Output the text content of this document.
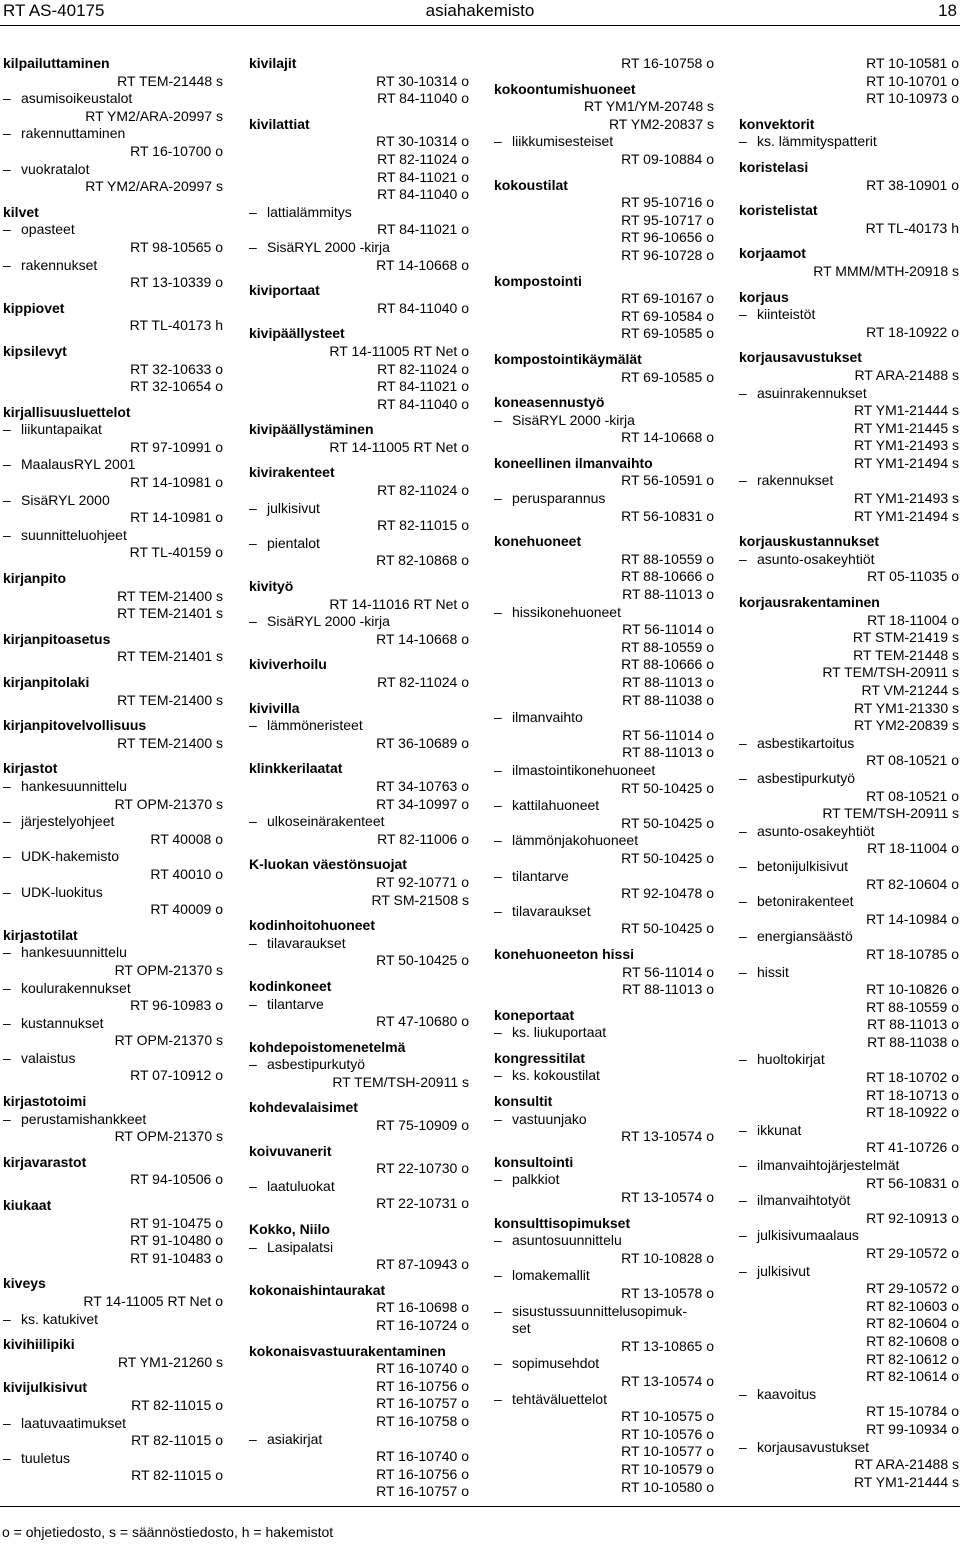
RT AS-40175	asiahakemisto	18
kilpailuttaminen
RT TEM-21448 s
– asumisoikeustalot
RT YM2/ARA-20997 s
– rakennuttaminen
RT 16-10700 o
– vuokratalot
RT YM2/ARA-20997 s
kilvet
– opasteet
RT 98-10565 o
– rakennukset
RT 13-10339 o
kippiovet
RT TL-40173 h
kipsilevyt
RT 32-10633 o
RT 32-10654 o
kirjallisuusluettelot
– liikuntapaikat
RT 97-10991 o
– MaalausRYL 2001
RT 14-10981 o
– SisäRYL 2000
RT 14-10981 o
– suunnitteluohjeet
RT TL-40159 o
kirjanpito
RT TEM-21400 s
RT TEM-21401 s
kirjanpitoasetus
RT TEM-21401 s
kirjanpitolaki
RT TEM-21400 s
kirjanpitovelvollisuus
RT TEM-21400 s
kirjastot
– hankesuunnittelu
RT OPM-21370 s
– järjestelyohjeet
RT 40008 o
– UDK-hakemisto
RT 40010 o
– UDK-luokitus
RT 40009 o
kirjastotilat
– hankesuunnittelu
RT OPM-21370 s
– koulurakennukset
RT 96-10983 o
– kustannukset
RT OPM-21370 s
– valaistus
RT 07-10912 o
kirjastotoimi
– perustamishankkeet
RT OPM-21370 s
kirjavarastot
RT 94-10506 o
kiukaat
RT 91-10475 o
RT 91-10480 o
RT 91-10483 o
kiveys
RT 14-11005 RT Net o
– ks. katukivet
kivihiilipiki
RT YM1-21260 s
kivijulkisivut
RT 82-11015 o
– laatuvaatimukset
RT 82-11015 o
– tuuletus
RT 82-11015 o
kivilajit
RT 30-10314 o
RT 84-11040 o
kivilattiat
RT 30-10314 o
RT 82-11024 o
RT 84-11021 o
RT 84-11040 o
– lattialämmitys
RT 84-11021 o
– SisäRYL 2000 -kirja
RT 14-10668 o
kiviportaat
RT 84-11040 o
kivipäällysteet
RT 14-11005 RT Net o
RT 82-11024 o
RT 84-11021 o
RT 84-11040 o
kivipäällystäminen
RT 14-11005 RT Net o
kivirakenteet
RT 82-11024 o
– julkisivut
RT 82-11015 o
– pientalot
RT 82-10868 o
kivityö
RT 14-11016 RT Net o
– SisäRYL 2000 -kirja
RT 14-10668 o
kiviverhoilu
RT 82-11024 o
kivivilla
– lämmöneristeet
RT 36-10689 o
klinkkerilaatat
RT 34-10763 o
RT 34-10997 o
– ulkoseinärakenteet
RT 82-11006 o
K-luokan väestönsuojat
RT 92-10771 o
RT SM-21508 s
kodinhoitohuoneet
– tilavaraukset
RT 50-10425 o
kodinkoneet
– tilantarve
RT 47-10680 o
kohdepoistomenetelmä
– asbestipurkutyö
RT TEM/TSH-20911 s
kohdevalaisimet
RT 75-10909 o
koivuvanerit
RT 22-10730 o
– laatuluokat
RT 22-10731 o
Kokko, Niilo
– Lasipalatsi
RT 87-10943 o
kokonaishintaurakat
RT 16-10698 o
RT 16-10724 o
kokonaisvastuurakentaminen
RT 16-10740 o
RT 16-10756 o
RT 16-10757 o
RT 16-10758 o
– asiakirjat
RT 16-10740 o
RT 16-10756 o
RT 16-10757 o
RT 16-10758 o
kokoontumishuoneet
RT YM1/YM-20748 s
RT YM2-20837 s
– liikkumisesteiset
RT 09-10884 o
kokoustilat
RT 95-10716 o
RT 95-10717 o
RT 96-10656 o
RT 96-10728 o
kompostointi
RT 69-10167 o
RT 69-10584 o
RT 69-10585 o
kompostointikäymälät
RT 69-10585 o
koneasennustyö
– SisäRYL 2000 -kirja
RT 14-10668 o
koneellinen ilmanvaihto
RT 56-10591 o
– perusparannus
RT 56-10831 o
konehuoneet
RT 88-10559 o
RT 88-10666 o
RT 88-11013 o
– hissikonehuoneet
RT 56-11014 o
RT 88-10559 o
RT 88-10666 o
RT 88-11013 o
RT 88-11038 o
– ilmanvaihto
RT 56-11014 o
RT 88-11013 o
– ilmastointikonehuoneet
RT 50-10425 o
– kattilahuoneet
RT 50-10425 o
– lämmönjakohuoneet
RT 50-10425 o
– tilantarve
RT 92-10478 o
– tilavaraukset
RT 50-10425 o
konehuoneeton hissi
RT 56-11014 o
RT 88-11013 o
koneportaat
– ks. liukuportaat
kongressitilat
– ks. kokoustilat
konsultit
– vastuunjako
RT 13-10574 o
konsultointi
– palkkiot
RT 13-10574 o
konsulttisopimukset
– asuntosuunnittelu
RT 10-10828 o
– lomakemallit
RT 13-10578 o
– sisustussuunnittelusopimuk-
set
RT 13-10865 o
– sopimusehdot
RT 13-10574 o
– tehtäväluettelot
RT 10-10575 o
RT 10-10576 o
RT 10-10577 o
RT 10-10579 o
RT 10-10580 o
RT 10-10581 o
RT 10-10701 o
RT 10-10973 o
konvektorit
– ks. lämmityspatterit
koristelasi
RT 38-10901 o
koristelistat
RT TL-40173 h
korjaamot
RT MMM/MTH-20918 s
korjaus
– kiinteistöt
RT 18-10922 o
korjausavustukset
RT ARA-21488 s
– asuinrakennukset
RT YM1-21444 s
RT YM1-21445 s
RT YM1-21493 s
RT YM1-21494 s
– rakennukset
RT YM1-21493 s
RT YM1-21494 s
korjauskustannukset
– asunto-osakeyhtiöt
RT 05-11035 o
korjausrakentaminen
RT 18-11004 o
RT STM-21419 s
RT TEM-21448 s
RT TEM/TSH-20911 s
RT VM-21244 s
RT YM1-21330 s
RT YM2-20839 s
– asbestikartoitus
RT 08-10521 o
– asbestipurkutyö
RT 08-10521 o
RT TEM/TSH-20911 s
– asunto-osakeyhtiöt
RT 18-11004 o
– betonijulkisivut
RT 82-10604 o
– betonirakenteet
RT 14-10984 o
– energiansäästö
RT 18-10785 o
– hissit
RT 10-10826 o
RT 88-10559 o
RT 88-11013 o
RT 88-11038 o
– huoltokirjat
RT 18-10702 o
RT 18-10713 o
RT 18-10922 o
– ikkunat
RT 41-10726 o
– ilmanvaihtojärjestelmät
RT 56-10831 o
– ilmanvaihtotyöt
RT 92-10913 o
– julkisivumaalaus
RT 29-10572 o
– julkisivut
RT 29-10572 o
RT 82-10603 o
RT 82-10604 o
RT 82-10608 o
RT 82-10612 o
RT 82-10614 o
– kaavoitus
RT 15-10784 o
RT 99-10934 o
– korjausavustukset
RT ARA-21488 s
RT YM1-21444 s
o = ohjetiedosto, s = säännöstiedosto, h = hakemistot
